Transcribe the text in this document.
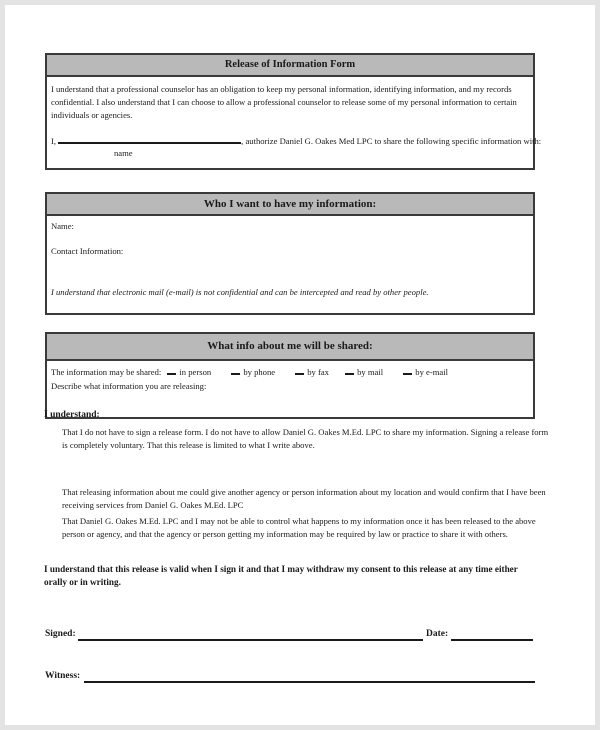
Release of Information Form
I understand that a professional counselor has an obligation to keep my personal information, identifying information, and my records
confidential. I also understand that I can choose to allow a professional counselor to release some of my personal information to certain
individuals or agencies.
I,	, authorize Daniel G. Oakes Med LPC to share the following specific information with:
name
Who I want to have my information:
Name:
Contact Information:
I understand that electronic mail (e-mail) is not confidential and can be intercepted and read by other people.
What info about me will be shared:
The information may be shared: in person	by phone	by fax	by mail	by e-mail
Describe what information you are releasing:
I understand:
That I do not have to sign a release form. I do not have to allow Daniel G. Oakes M.Ed. LPC to share my information. Signing a release form
is completely voluntary. That this release is limited to what I write above.
That releasing information about me could give another agency or person information about my location and would confirm that I have been
receiving services from Daniel G. Oakes M.Ed. LPC
That Daniel G. Oakes M.Ed. LPC and I may not be able to control what happens to my information once it has been released to the above
person or agency, and that the agency or person getting my information may be required by law or practice to share it with others.
I understand that this release is valid when I sign it and that I may withdraw my consent to this release at any time either
orally or in writing.
Signed:	Date:
Witness:
